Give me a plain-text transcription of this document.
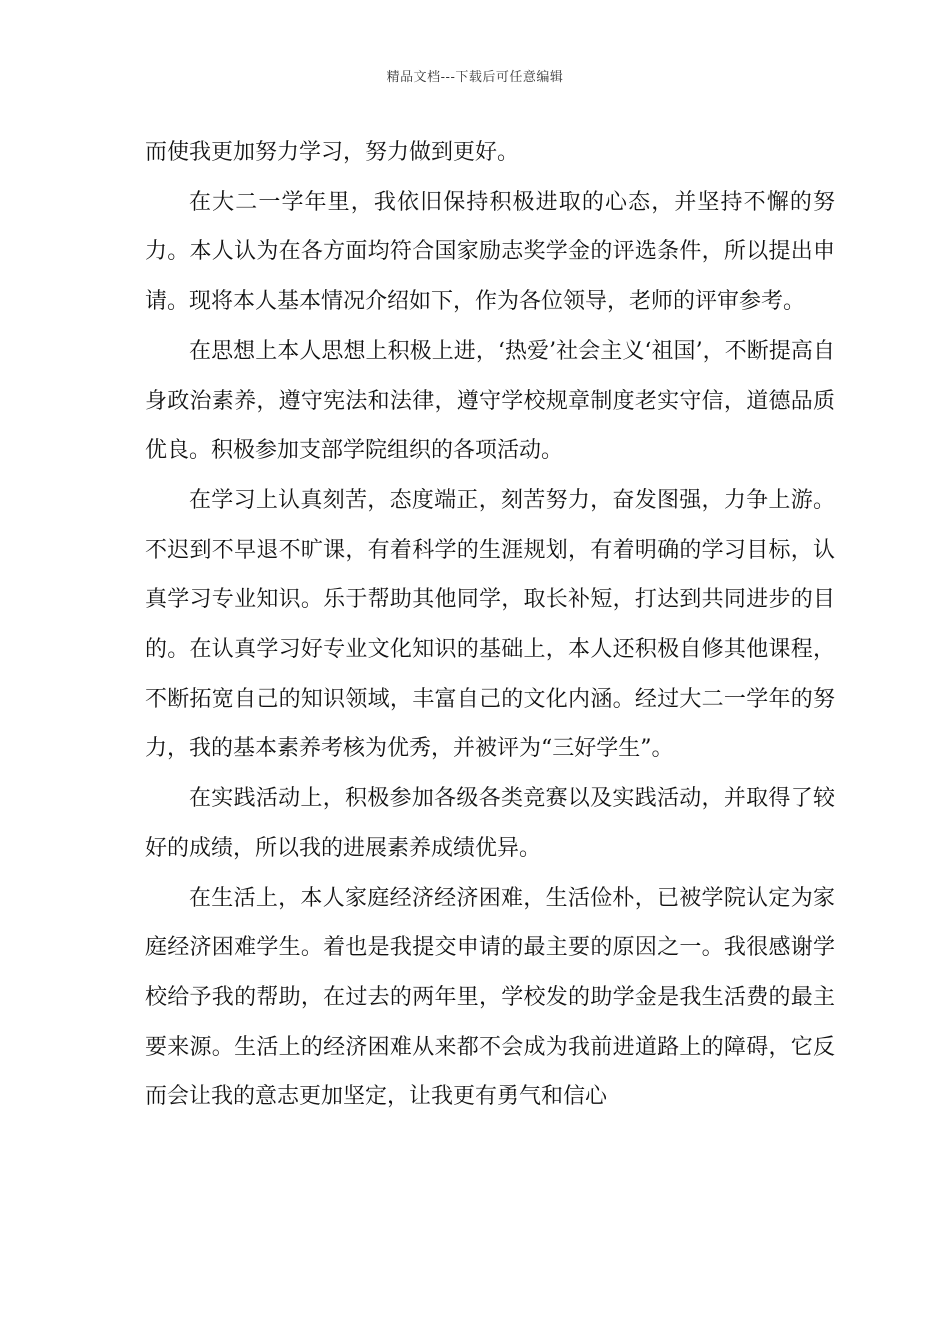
精品文档---下载后可任意编辑

而使我更加努力学习，努力做到更好。

在大二一学年里，我依旧保持积极进取的心态，并坚持不懈的努力。本人认为在各方面均符合国家励志奖学金的评选条件，所以提出申请。现将本人基本情况介绍如下，作为各位领导，老师的评审参考。

在思想上本人思想上积极上进，‘热爱’社会主义‘祖国’，不断提高自身政治素养，遵守宪法和法律，遵守学校规章制度老实守信，道德品质优良。积极参加支部学院组织的各项活动。

在学习上认真刻苦，态度端正，刻苦努力，奋发图强，力争上游。不迟到不早退不旷课，有着科学的生涯规划，有着明确的学习目标，认真学习专业知识。乐于帮助其他同学，取长补短，打达到共同进步的目的。在认真学习好专业文化知识的基础上，本人还积极自修其他课程，不断拓宽自己的知识领域，丰富自己的文化内涵。经过大二一学年的努力，我的基本素养考核为优秀，并被评为“三好学生”。

在实践活动上，积极参加各级各类竞赛以及实践活动，并取得了较好的成绩，所以我的进展素养成绩优异。

在生活上，本人家庭经济经济困难，生活俭朴，已被学院认定为家庭经济困难学生。着也是我提交申请的最主要的原因之一。我很感谢学校给予我的帮助，在过去的两年里，学校发的助学金是我生活费的最主要来源。生活上的经济困难从来都不会成为我前进道路上的障碍，它反而会让我的意志更加坚定，让我更有勇气和信心
